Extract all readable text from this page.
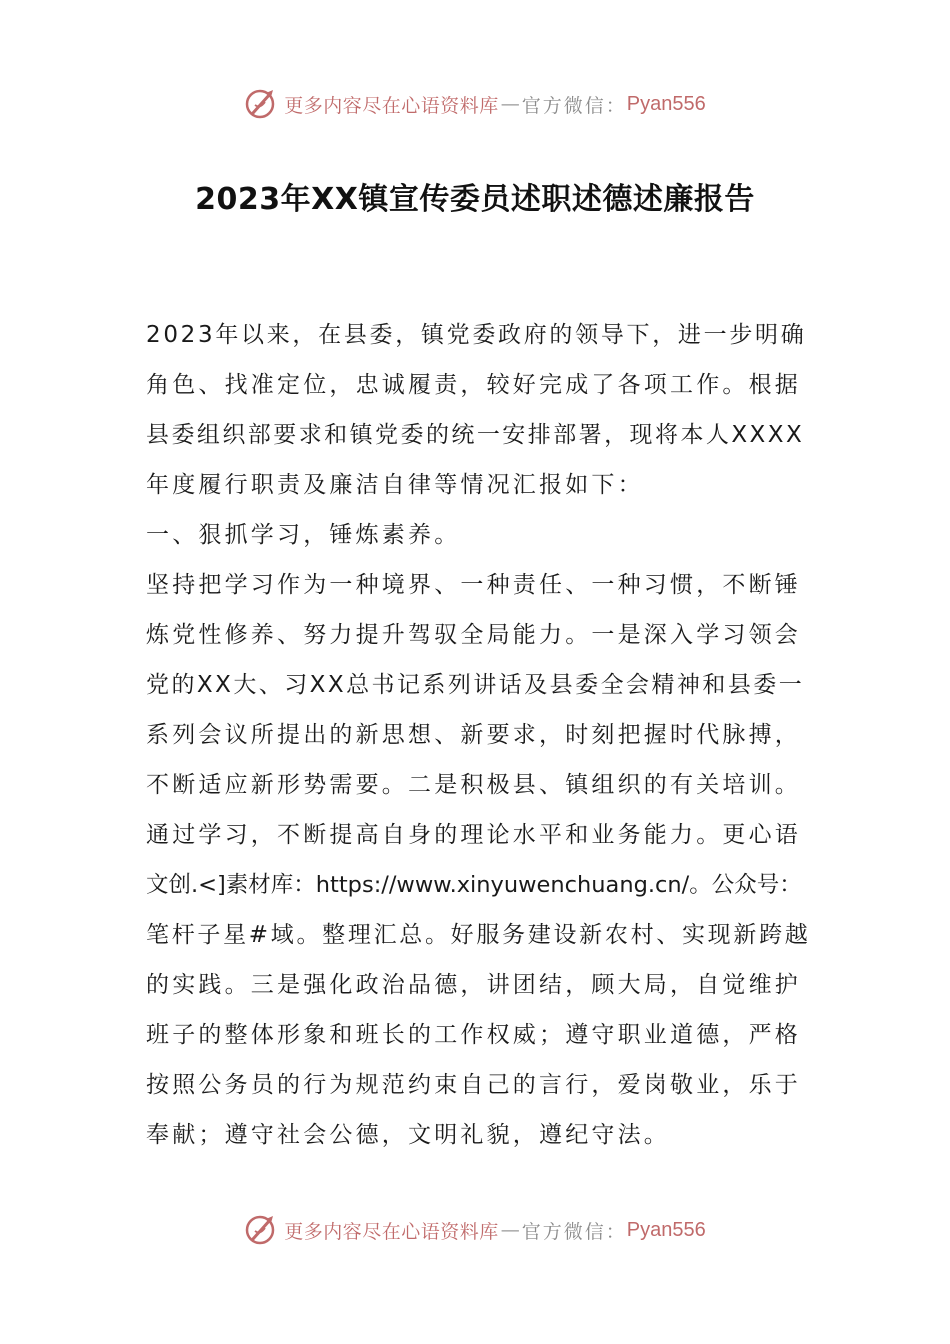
更多内容尽在心语资料库 — 官方微信： Pyan556
2023年XX镇宣传委员述职述德述廉报告

2023年以来，在县委，镇党委政府的领导下，进一步明确

角色、找准定位，忠诚履责，较好完成了各项工作。根据

县委组织部要求和镇党委的统一安排部署，现将本人XXXX

年度履行职责及廉洁自律等情况汇报如下：

一、狠抓学习，锤炼素养。

坚持把学习作为一种境界、一种责任、一种习惯，不断锤

炼党性修养、努力提升驾驭全局能力。一是深入学习领会

党的XX大、习XX总书记系列讲话及县委全会精神和县委一

系列会议所提出的新思想、新要求，时刻把握时代脉搏，

不断适应新形势需要。二是积极县、镇组织的有关培训。

通过学习，不断提高自身的理论水平和业务能力。更心语

文创.<]素材库：https://www.xinyuwenchuang.cn/。公众号：

笔杆子星#域。整理汇总。好服务建设新农村、实现新跨越

的实践。三是强化政治品德，讲团结，顾大局，自觉维护

班子的整体形象和班长的工作权威；遵守职业道德，严格

按照公务员的行为规范约束自己的言行，爱岗敬业，乐于

奉献；遵守社会公德，文明礼貌，遵纪守法。

更多内容尽在心语资料库 — 官方微信： Pyan556
